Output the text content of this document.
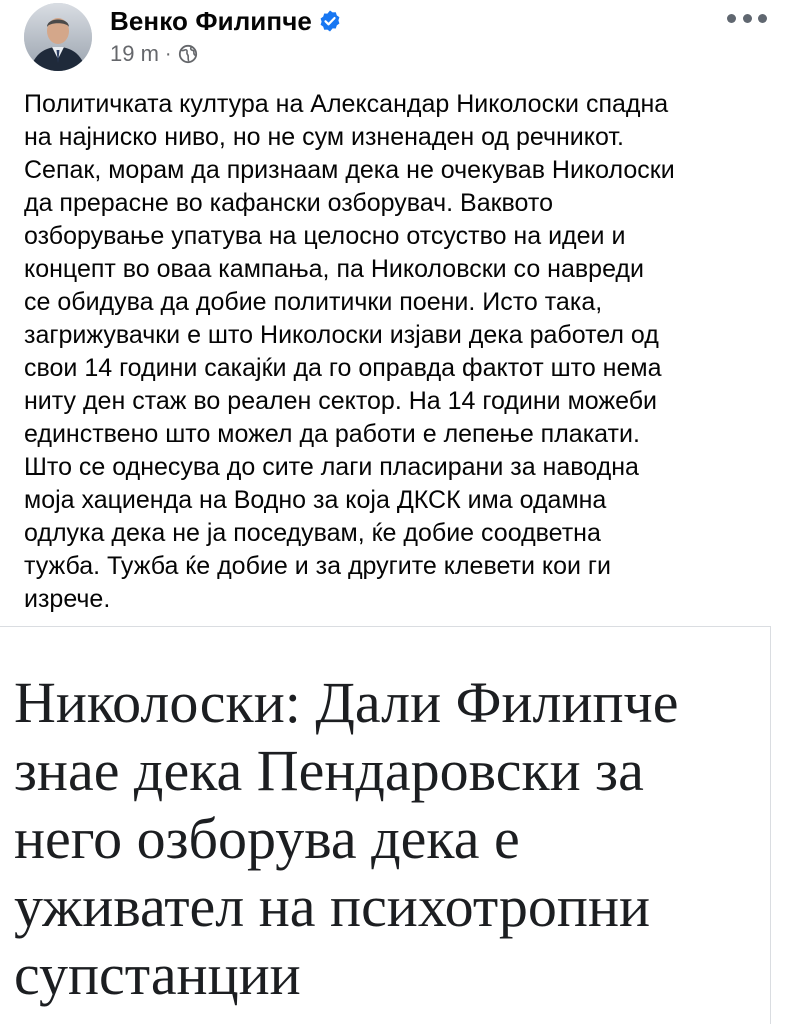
Венко Филипче
19 m ·

Политичката култура на Александар Николоски спадна
на најниско ниво, но не сум изненаден од речникот.
Сепак, морам да признаам дека не очекував Николоски
да прерасне во кафански озборувач. Ваквото
озборување упатува на целосно отсуство на идеи и
концепт во оваа кампања, па Николовски со навреди
се обидува да добие политички поени. Исто така,
загрижувачки е што Николоски изјави дека работел од
свои 14 години сакајќи да го оправда фактот што нема
ниту ден стаж во реален сектор. На 14 години можеби
единствено што можел да работи е лепење плакати.
Што се однесува до сите лаги пласирани за наводна
моја хациенда на Водно за која ДКСК има одамна
одлука дека не ја поседувам, ќе добие соодветна
тужба. Тужба ќе добие и за другите клевети кои ги
изрече.

Николоски: Дали Филипче
знае дека Пендаровски за
него озборува дека е
уживател на психотропни
супстанции
